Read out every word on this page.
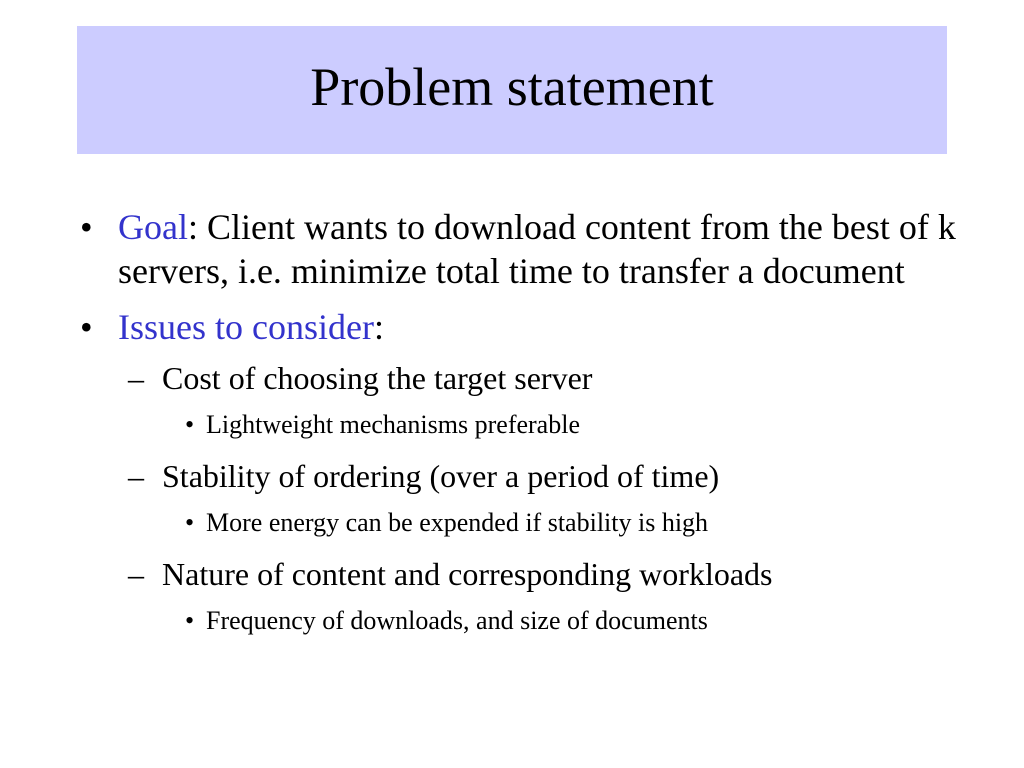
Problem statement
• Goal: Client wants to download content from the best of k servers, i.e. minimize total time to transfer a document
• Issues to consider:
– Cost of choosing the target server
• Lightweight mechanisms preferable
– Stability of ordering (over a period of time)
• More energy can be expended if stability is high
– Nature of content and corresponding workloads
• Frequency of downloads, and size of documents
